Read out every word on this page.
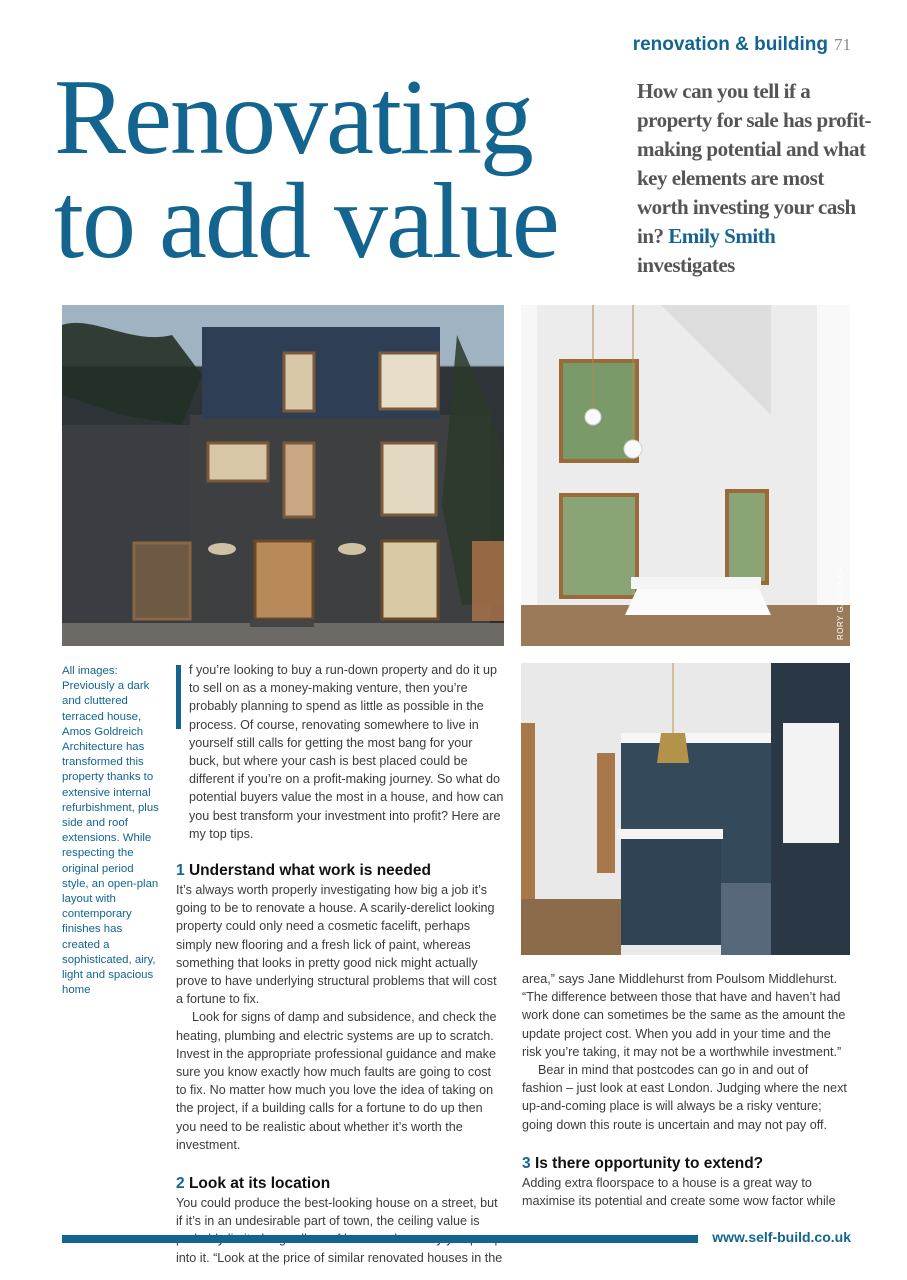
renovation & building 71
Renovating
to add value
How can you tell if a property for sale has profit-making potential and what key elements are most worth investing your cash in? Emily Smith investigates
RORY GARDINER
All images: Previously a dark and cluttered terraced house, Amos Goldreich Architecture has transformed this property thanks to extensive internal refurbishment, plus side and roof extensions. While respecting the original period style, an open-plan layout with contemporary finishes has created a sophisticated, airy, light and spacious home

f you’re looking to buy a run-down property and do it up to sell on as a money-making venture, then you’re probably planning to spend as little as possible in the process. Of course, renovating somewhere to live in yourself still calls for getting the most bang for your buck, but where your cash is best placed could be different if you’re on a profit-making journey. So what do potential buyers value the most in a house, and how can you best transform your investment into profit? Here are my top tips.

1 Understand what work is needed

It’s always worth properly investigating how big a job it’s going to be to renovate a house. A scarily-derelict looking property could only need a cosmetic facelift, perhaps simply new flooring and a fresh lick of paint, whereas something that looks in pretty good nick might actually prove to have underlying structural problems that will cost a fortune to fix.

Look for signs of damp and subsidence, and check the heating, plumbing and electric systems are up to scratch. Invest in the appropriate professional guidance and make sure you know exactly how much faults are going to cost to fix. No matter how much you love the idea of taking on the project, if a building calls for a fortune to do up then you need to be realistic about whether it’s worth the investment.

2 Look at its location

You could produce the best-looking house on a street, but if it’s in an undesirable part of town, the ceiling value is into it. “Look at the price of similar renovated houses in the

area,” says Jane Middlehurst from Poulsom Middlehurst. “The difference between those that have and haven’t had work done can sometimes be the same as the amount the update project cost. When you add in your time and the risk you’re taking, it may not be a worthwhile investment.”

Bear in mind that postcodes can go in and out of fashion – just look at east London. Judging where the next up-and-coming place is will always be a risky venture; going down this route is uncertain and may not pay off.

3 Is there opportunity to extend?

Adding extra floorspace to a house is a great way to maximise its potential and create some wow factor while

www.self-build.co.uk
